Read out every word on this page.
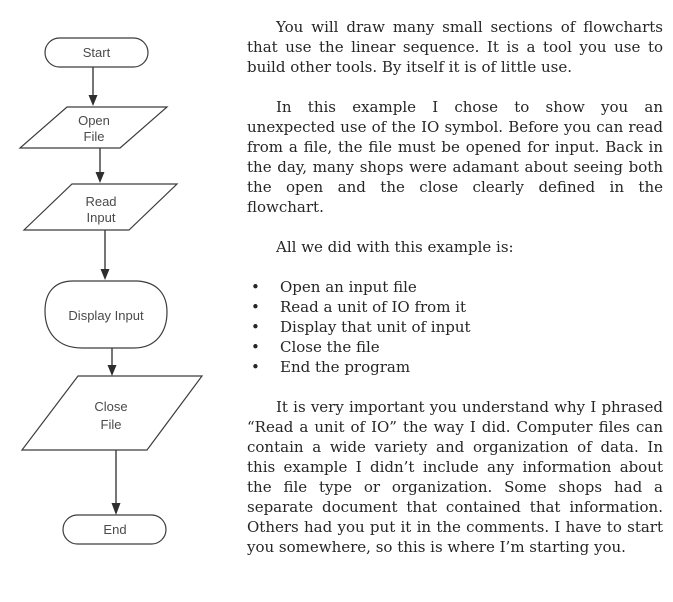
Start
Open
File
Read
Input
Display Input
Close
File
End

You will draw many small sections of flowcharts that use the linear sequence. It is a tool you use to build other tools. By itself it is of little use.

In this example I chose to show you an unexpected use of the IO symbol. Before you can read from a file, the file must be opened for input. Back in the day, many shops were adamant about seeing both the open and the close clearly defined in the flowchart.

All we did with this example is:

•	Open an input file
•	Read a unit of IO from it
•	Display that unit of input
•	Close the file
•	End the program

It is very important you understand why I phrased “Read a unit of IO” the way I did. Computer files can contain a wide variety and organization of data. In this example I didn’t include any information about the file type or organization. Some shops had a separate document that contained that information. Others had you put it in the comments. I have to start you somewhere, so this is where I’m starting you.
